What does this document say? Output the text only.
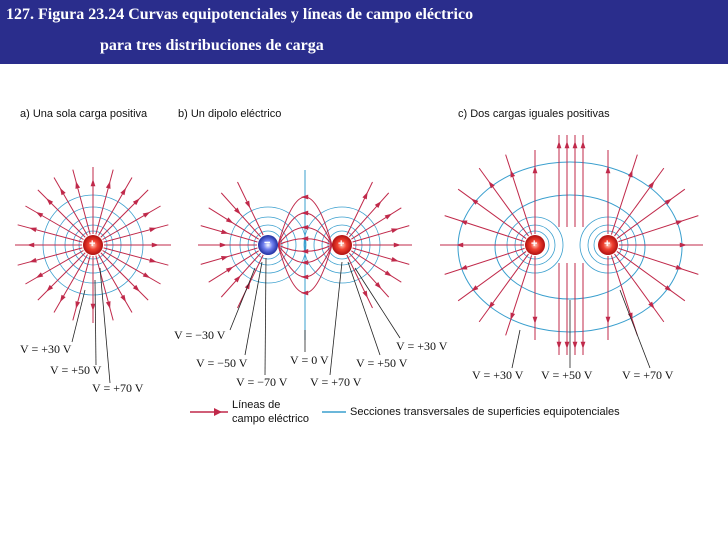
127. Figura 23.24 Curvas equipotenciales y líneas de campo eléctrico
para tres distribuciones de carga
a) Una sola carga positiva	b) Un dipolo eléctrico	c) Dos cargas iguales positivas
+	−	+	+	+
V = +30 V
V = +50 V
V = +70 V
V = −30 V
V = −50 V
V = −70 V
V = 0 V
V = +70 V
V = +50 V
V = +30 V
V = +30 V V = +50 V V = +70 V
Líneas de
campo eléctrico
Secciones transversales de superficies equipotenciales
